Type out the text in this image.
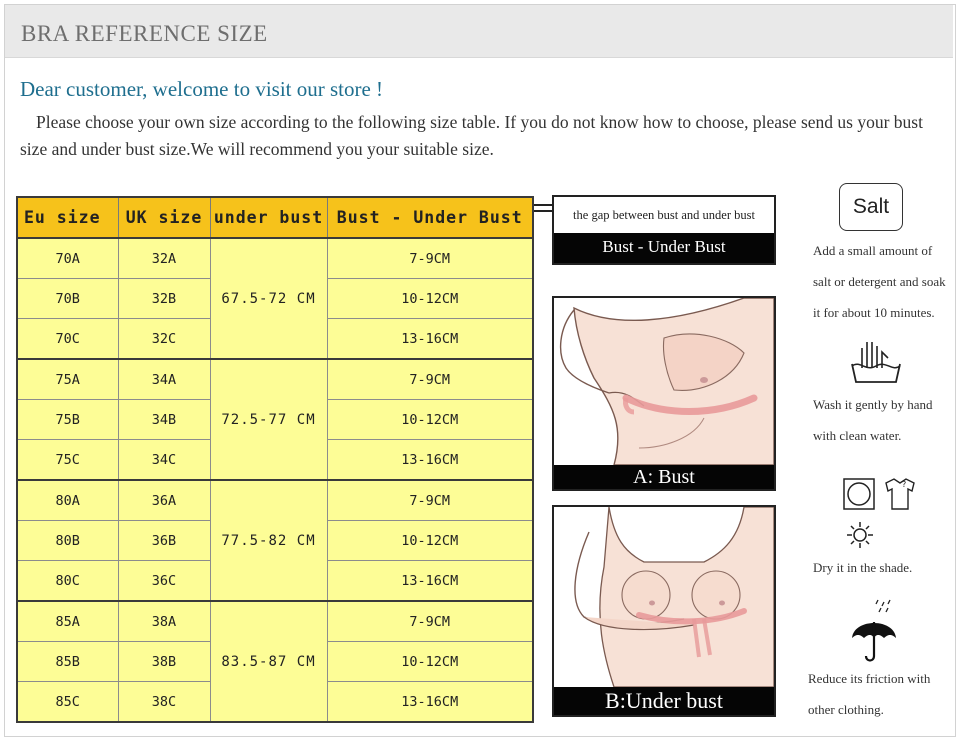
BRA REFERENCE SIZE
Dear customer, welcome to visit our store !
Please choose your own size according to the following size table. If you do not know how to choose, please send us your bust size and under bust size.We will recommend you your suitable size.
Eu size	UK size	under bust	Bust - Under Bust
70A	32A	67.5-72 CM	7-9CM
70B	32B		10-12CM
70C	32C		13-16CM
75A	34A	72.5-77 CM	7-9CM
75B	34B		10-12CM
75C	34C		13-16CM
80A	36A	77.5-82 CM	7-9CM
80B	36B		10-12CM
80C	36C		13-16CM
85A	38A	83.5-87 CM	7-9CM
85B	38B		10-12CM
85C	38C		13-16CM
the gap between bust and under bust
Bust - Under Bust
A: Bust
B:Under bust
Salt
Add a small amount of salt or detergent and soak it for about 10 minutes.
Wash it gently by hand with clean water.
?
Dry it in the shade.
Reduce its friction with other clothing.
